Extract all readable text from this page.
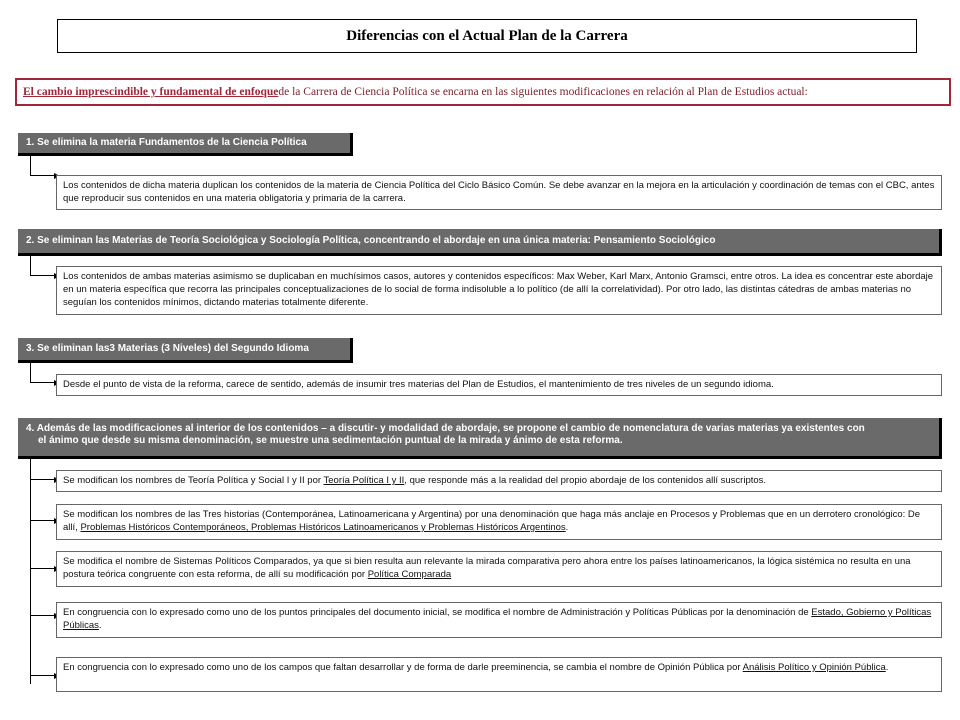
Diferencias con el Actual Plan de la Carrera
El cambio imprescindible y fundamental de enfoque de la Carrera de Ciencia Política se encarna en las siguientes modificaciones en relación al Plan de Estudios actual:
1. Se elimina la materia Fundamentos de la Ciencia Política
Los contenidos de dicha materia duplican los contenidos de la materia de Ciencia Política del Ciclo Básico Común. Se debe avanzar en la mejora en la articulación y coordinación de temas con el CBC, antes que reproducir sus contenidos en una materia obligatoria y primaria de la carrera.
2. Se eliminan las Materias de Teoría Sociológica y Sociología Política, concentrando el abordaje en una única materia: Pensamiento Sociológico
Los contenidos de ambas materias asimismo se duplicaban en muchísimos casos, autores y contenidos específicos: Max Weber, Karl Marx, Antonio Gramsci, entre otros. La idea es concentrar este abordaje en un materia específica que recorra las principales conceptualizaciones de lo social de forma indisoluble a lo político (de allí la correlatividad). Por otro lado, las distintas cátedras de ambas materias no seguían los contenidos mínimos, dictando materias totalmente diferente.
3. Se eliminan las3 Materias (3 Niveles) del Segundo Idioma
Desde el punto de vista de la reforma, carece de sentido, además de insumir tres materias del Plan de Estudios, el mantenimiento de tres niveles de un segundo idioma.
4. Además de las modificaciones al interior de los contenidos – a discutir- y modalidad de abordaje, se propone el cambio de nomenclatura de varias materias ya existentes con
el ánimo que desde su misma denominación, se muestre una sedimentación puntual de la mirada y ánimo de esta reforma.
Se modifican los nombres de Teoría Política y Social I y II por Teoría Política I y II, que responde más a la realidad del propio abordaje de los contenidos allí suscriptos.
Se modifican los nombres de las Tres historias (Contemporánea, Latinoamericana y Argentina) por una denominación que haga más anclaje en Procesos y Problemas que en un derrotero cronológico: De allí, Problemas Históricos Contemporáneos, Problemas Históricos Latinoamericanos y Problemas Históricos Argentinos.
Se modifica el nombre de Sistemas Políticos Comparados, ya que si bien resulta aun relevante la mirada comparativa pero ahora entre los países latinoamericanos, la lógica sistémica no resulta en una postura teórica congruente con esta reforma, de allí su modificación por Política Comparada
En congruencia con lo expresado como uno de los puntos principales del documento inicial, se modifica el nombre de Administración y Políticas Públicas por la denominación de Estado, Gobierno y Políticas Públicas.
En congruencia con lo expresado como uno de los campos que faltan desarrollar y de forma de darle preeminencia, se cambia el nombre de Opinión Pública por Análisis Político y Opinión Pública.
